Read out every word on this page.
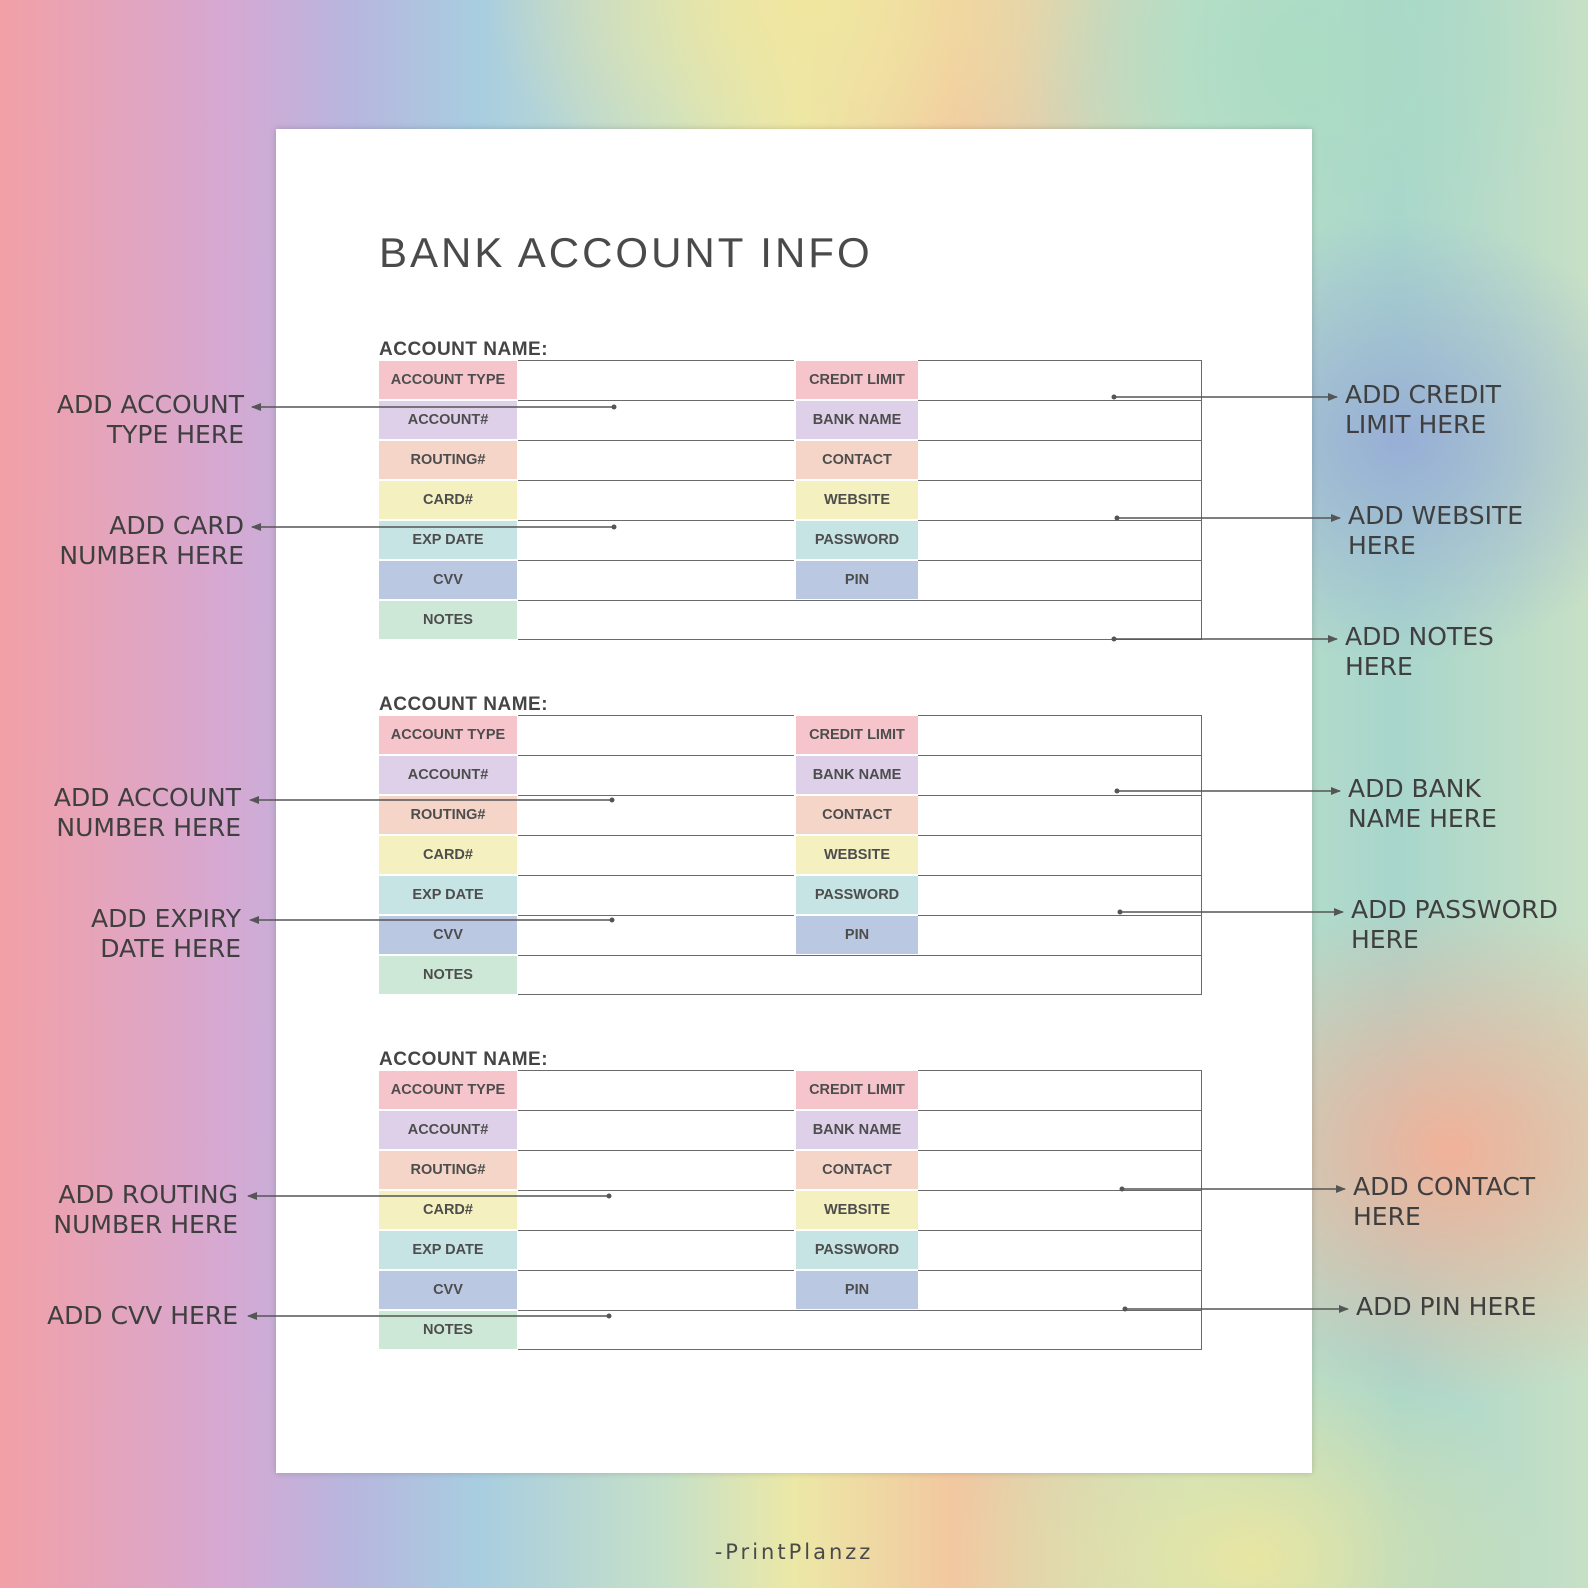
BANK ACCOUNT INFO
ACCOUNT NAME:
ACCOUNT TYPE	CREDIT LIMIT
ACCOUNT#	BANK NAME
ROUTING#	CONTACT
CARD#	WEBSITE
EXP DATE	PASSWORD
CVV	PIN
NOTES
ACCOUNT NAME:
ACCOUNT TYPE	CREDIT LIMIT
ACCOUNT#	BANK NAME
ROUTING#	CONTACT
CARD#	WEBSITE
EXP DATE	PASSWORD
CVV	PIN
NOTES
ACCOUNT NAME:
ACCOUNT TYPE	CREDIT LIMIT
ACCOUNT#	BANK NAME
ROUTING#	CONTACT
CARD#	WEBSITE
EXP DATE	PASSWORD
CVV	PIN
NOTES
ADD ACCOUNT
TYPE HERE
ADD CARD
NUMBER HERE
ADD ACCOUNT
NUMBER HERE
ADD EXPIRY
DATE HERE
ADD ROUTING
NUMBER HERE
ADD CVV HERE
ADD CREDIT
LIMIT HERE
ADD WEBSITE
HERE
ADD NOTES
HERE
ADD BANK
NAME HERE
ADD PASSWORD
HERE
ADD CONTACT
HERE
ADD PIN HERE
-PrintPlanzz
